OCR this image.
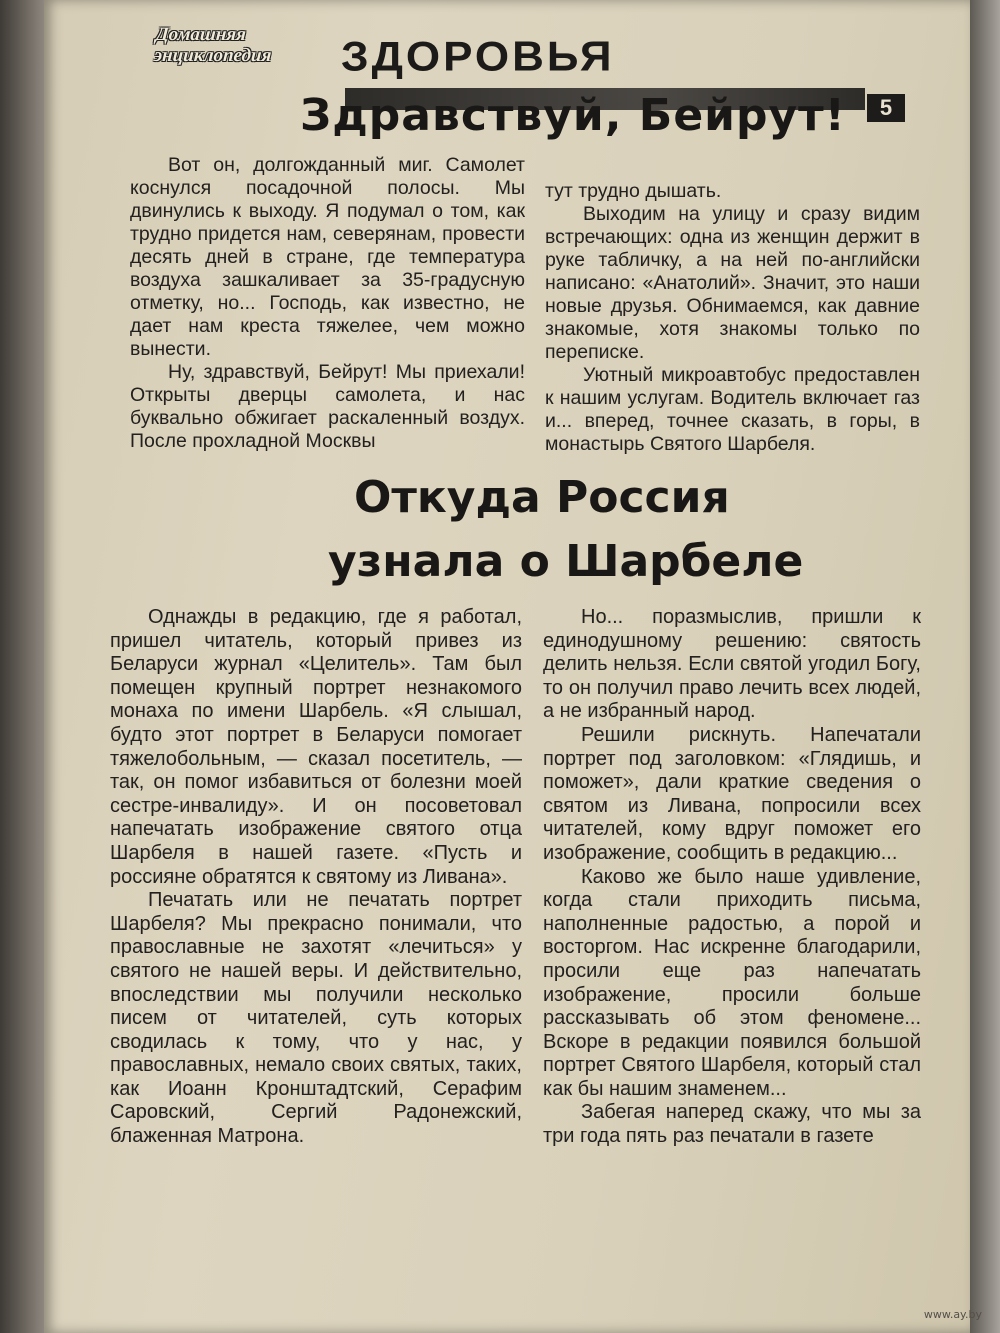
Домашняя
энциклопедия	ЗДОРОВЬЯ
5
Здравствуй, Бейрут!

Вот он, долгожданный миг. Самолет коснулся посадочной полосы. Мы двинулись к выходу. Я подумал о том, как трудно придется нам, северянам, провести десять дней в стране, где температура воздуха зашкаливает за 35-градусную отметку, но... Господь, как известно, не дает нам креста тяжелее, чем можно вынести.

Ну, здравствуй, Бейрут! Мы приехали! Открыты дверцы самолета, и нас буквально обжигает раскаленный воздух. После прохладной Москвы

тут трудно дышать.

Выходим на улицу и сразу видим встречающих: одна из женщин держит в руке табличку, а на ней по-английски написано: «Анатолий». Значит, это наши новые друзья. Обнимаемся, как давние знакомые, хотя знакомы только по переписке.

Уютный микроавтобус предоставлен к нашим услугам. Водитель включает газ и... вперед, точнее сказать, в горы, в монастырь Святого Шарбеля.

Откуда Россия
узнала о Шарбеле

Однажды в редакцию, где я работал, пришел читатель, который привез из Беларуси журнал «Целитель». Там был помещен крупный портрет незнакомого монаха по имени Шарбель. «Я слышал, будто этот портрет в Беларуси помогает тяжелобольным, — сказал посетитель, — так, он помог избавиться от болезни моей сестре-инвалиду». И он посоветовал напечатать изображение святого отца Шарбеля в нашей газете. «Пусть и россияне обратятся к святому из Ливана».

Печатать или не печатать портрет Шарбеля? Мы прекрасно понимали, что православные не захотят «лечиться» у святого не нашей веры. И действительно, впоследствии мы получили несколько писем от читателей, суть которых сводилась к тому, что у нас, у православных, немало своих святых, таких, как Иоанн Кронштадтский, Серафим Саровский, Сергий Радонежский, блаженная Матрона.

Но... поразмыслив, пришли к единодушному решению: святость делить нельзя. Если святой угодил Богу, то он получил право лечить всех людей, а не избранный народ.

Решили рискнуть. Напечатали портрет под заголовком: «Глядишь, и поможет», дали краткие сведения о святом из Ливана, попросили всех читателей, кому вдруг поможет его изображение, сообщить в редакцию...

Каково же было наше удивление, когда стали приходить письма, наполненные радостью, а порой и восторгом. Нас искренне благодарили, просили еще раз напечатать изображение, просили больше рассказывать об этом феномене... Вскоре в редакции появился большой портрет Святого Шарбеля, который стал как бы нашим знаменем...

Забегая наперед скажу, что мы за три года пять раз печатали в газете

www.ay.by
